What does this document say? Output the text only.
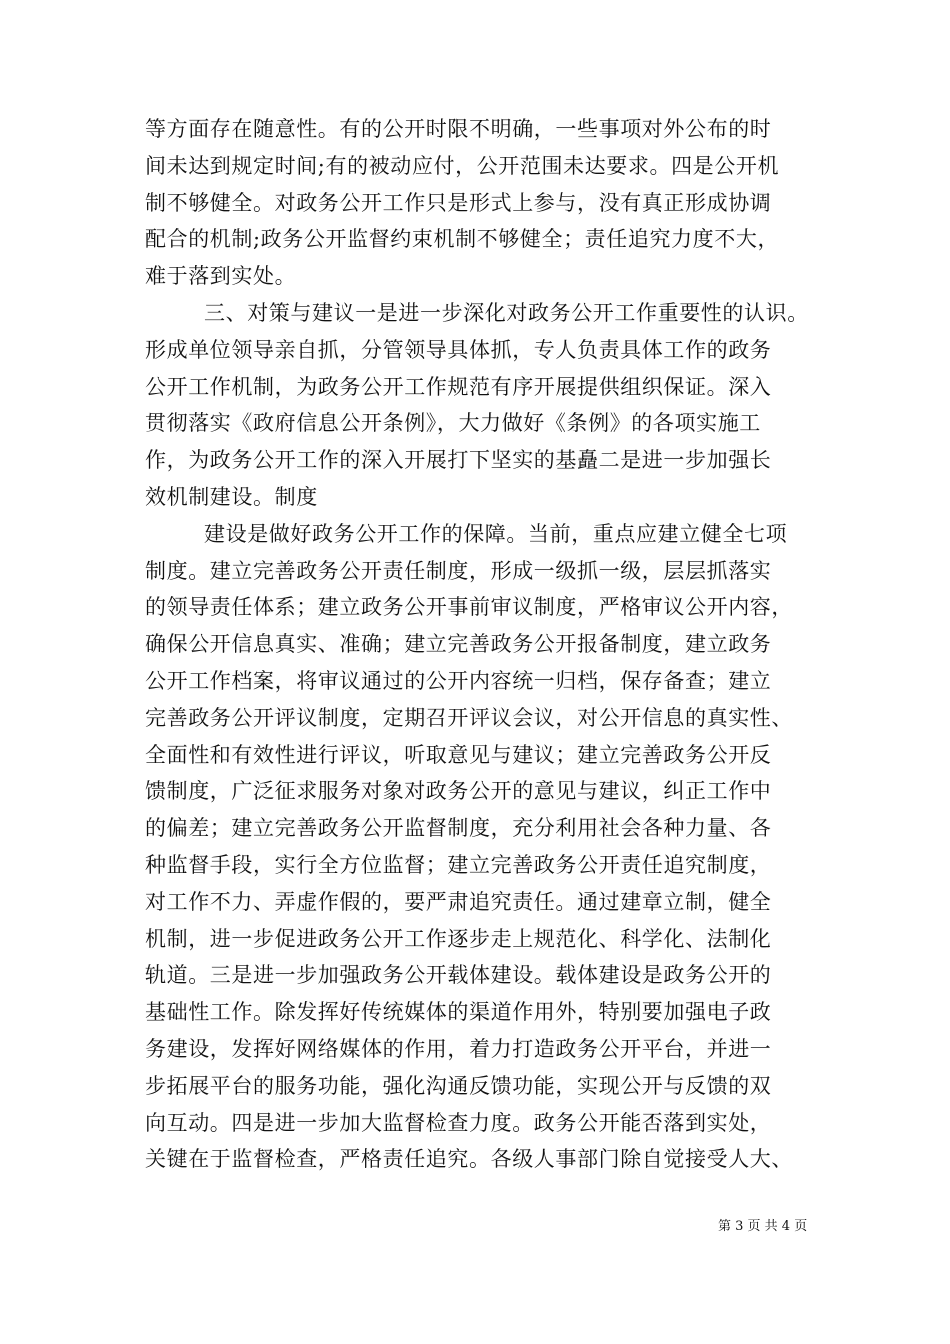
等方面存在随意性。有的公开时限不明确，一些事项对外公布的时
间未达到规定时间;有的被动应付，公开范围未达要求。四是公开机
制不够健全。对政务公开工作只是形式上参与，没有真正形成协调
配合的机制;政务公开监督约束机制不够健全；责任追究力度不大，
难于落到实处。
三、对策与建议一是进一步深化对政务公开工作重要性的认识。
形成单位领导亲自抓，分管领导具体抓，专人负责具体工作的政务
公开工作机制，为政务公开工作规范有序开展提供组织保证。深入
贯彻落实《政府信息公开条例》，大力做好《条例》的各项实施工
作，为政务公开工作的深入开展打下坚实的基矗二是进一步加强长
效机制建设。制度
建设是做好政务公开工作的保障。当前，重点应建立健全七项
制度。建立完善政务公开责任制度，形成一级抓一级，层层抓落实
的领导责任体系；建立政务公开事前审议制度，严格审议公开内容，
确保公开信息真实、准确；建立完善政务公开报备制度，建立政务
公开工作档案，将审议通过的公开内容统一归档，保存备查；建立
完善政务公开评议制度，定期召开评议会议，对公开信息的真实性、
全面性和有效性进行评议，听取意见与建议；建立完善政务公开反
馈制度，广泛征求服务对象对政务公开的意见与建议，纠正工作中
的偏差；建立完善政务公开监督制度，充分利用社会各种力量、各
种监督手段，实行全方位监督；建立完善政务公开责任追究制度，
对工作不力、弄虚作假的，要严肃追究责任。通过建章立制，健全
机制，进一步促进政务公开工作逐步走上规范化、科学化、法制化
轨道。三是进一步加强政务公开载体建设。载体建设是政务公开的
基础性工作。除发挥好传统媒体的渠道作用外，特别要加强电子政
务建设，发挥好网络媒体的作用，着力打造政务公开平台，并进一
步拓展平台的服务功能，强化沟通反馈功能，实现公开与反馈的双
向互动。四是进一步加大监督检查力度。政务公开能否落到实处，
关键在于监督检查，严格责任追究。各级人事部门除自觉接受人大、
第 3 页 共 4 页
